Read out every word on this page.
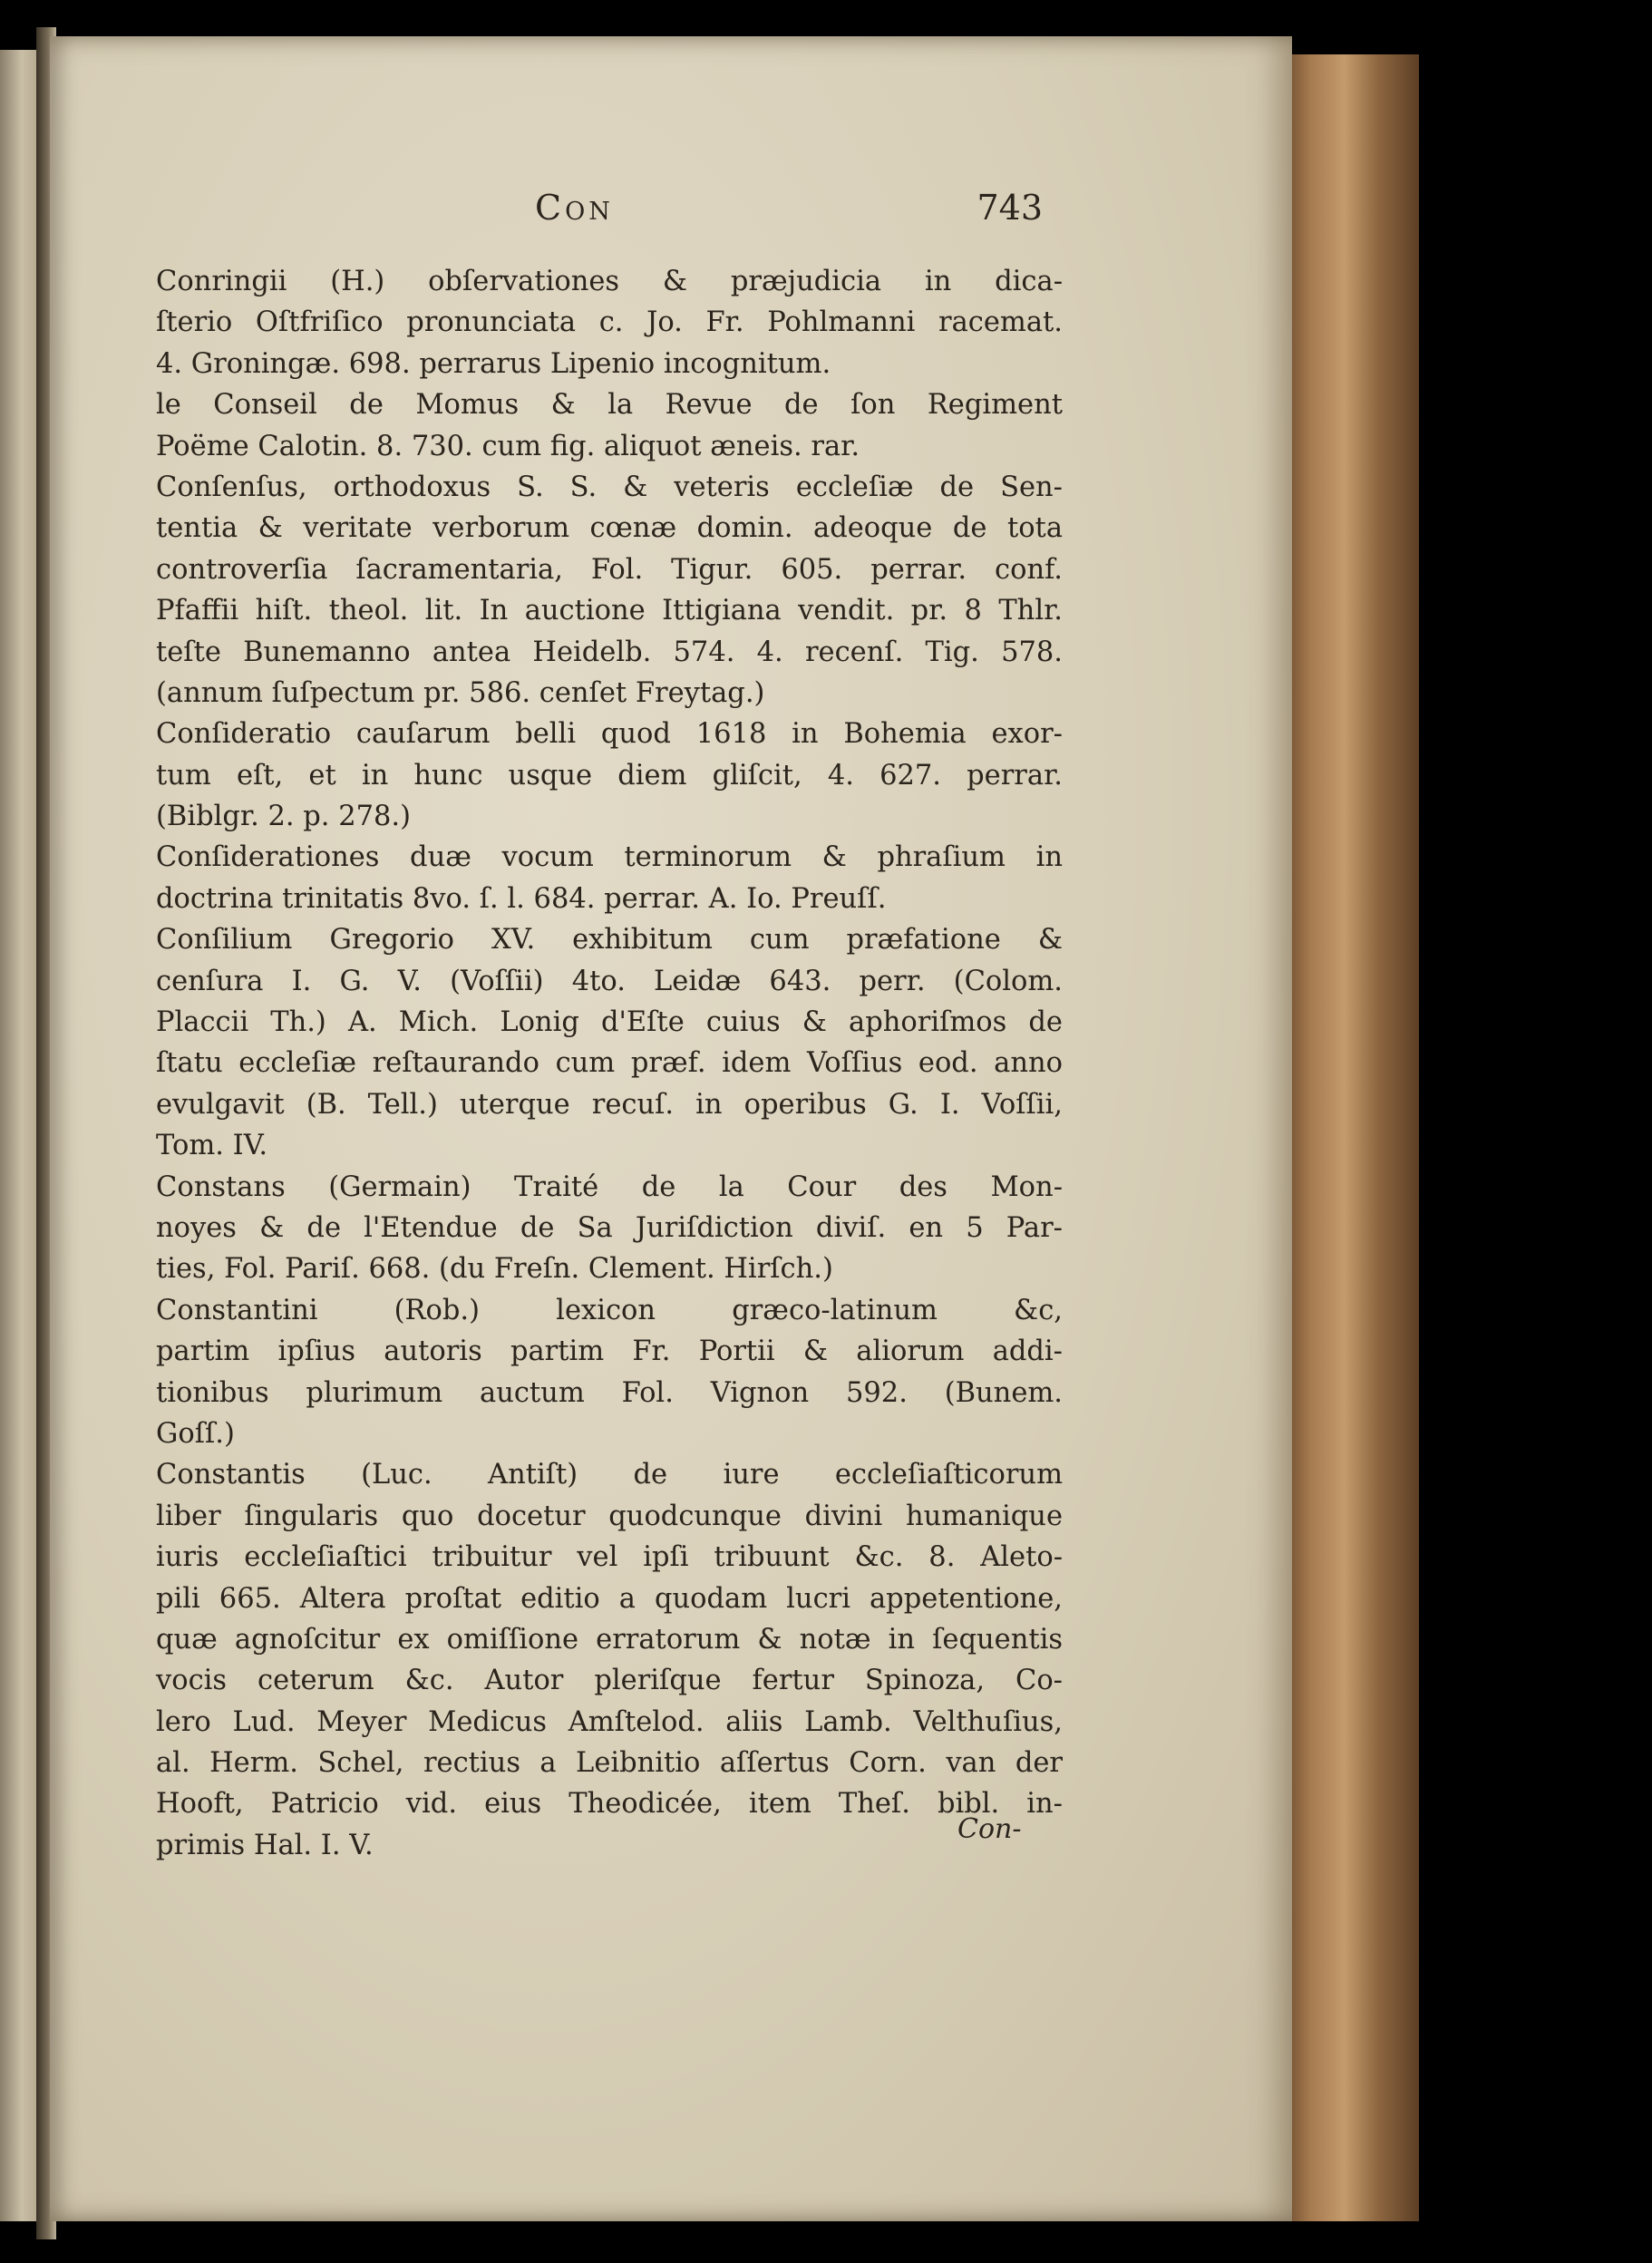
Con	743
Conringii (H.) obſervationes & præjudicia in dica-
ſterio Oſtfriſico pronunciata c. Jo. Fr. Pohlmanni racemat.
4. Groningæ. 698. perrarus Lipenio incognitum.
le Conseil de Momus & la Revue de ſon Regiment
Poëme Calotin. 8. 730. cum fig. aliquot æneis. rar.
Conſenſus, orthodoxus S. S. & veteris eccleſiæ de Sen-
tentia & veritate verborum cœnæ domin. adeoque de tota
controverſia ſacramentaria, Fol. Tigur. 605. perrar. conf.
Pfaffii hiſt. theol. lit. In auctione Ittigiana vendit. pr. 8 Thlr.
teſte Bunemanno antea Heidelb. 574. 4. recenſ. Tig. 578.
(annum ſuſpectum pr. 586. cenſet Freytag.)
Conſideratio cauſarum belli quod 1618 in Bohemia exor-
tum eſt, et in hunc usque diem gliſcit, 4. 627. perrar.
(Biblgr. 2. p. 278.)
Conſiderationes duæ vocum terminorum & phraſium in
doctrina trinitatis 8vo. ſ. l. 684. perrar. A. Io. Preuſſ.
Conſilium Gregorio XV. exhibitum cum præfatione &
cenſura I. G. V. (Voſſii) 4to. Leidæ 643. perr. (Colom.
Placcii Th.) A. Mich. Lonig d'Eſte cuius & aphoriſmos de
ſtatu eccleſiæ reſtaurando cum præf. idem Voſſius eod. anno
evulgavit (B. Tell.) uterque recuſ. in operibus G. I. Voſſii,
Tom. IV.
Constans (Germain) Traité de la Cour des Mon-
noyes & de l'Etendue de Sa Juriſdiction diviſ. en 5 Par-
ties, Fol. Pariſ. 668. (du Freſn. Clement. Hirſch.)
Constantini (Rob.) lexicon græco-latinum &c,
partim ipſius autoris partim Fr. Portii & aliorum addi-
tionibus plurimum auctum Fol. Vignon 592. (Bunem.
Goſſ.)
Constantis (Luc. Antiſt) de iure eccleſiaſticorum
liber ſingularis quo docetur quodcunque divini humanique
iuris eccleſiaſtici tribuitur vel ipſi tribuunt &c. 8. Aleto-
pili 665. Altera proſtat editio a quodam lucri appetentione,
quæ agnoſcitur ex omiſſione erratorum & notæ in ſequentis
vocis ceterum &c. Autor pleriſque fertur Spinoza, Co-
lero Lud. Meyer Medicus Amſtelod. aliis Lamb. Velthuſius,
al. Herm. Schel, rectius a Leibnitio aſſertus Corn. van der
Hooft, Patricio vid. eius Theodicée, item Theſ. bibl. in-
primis Hal. I. V.
Con-
